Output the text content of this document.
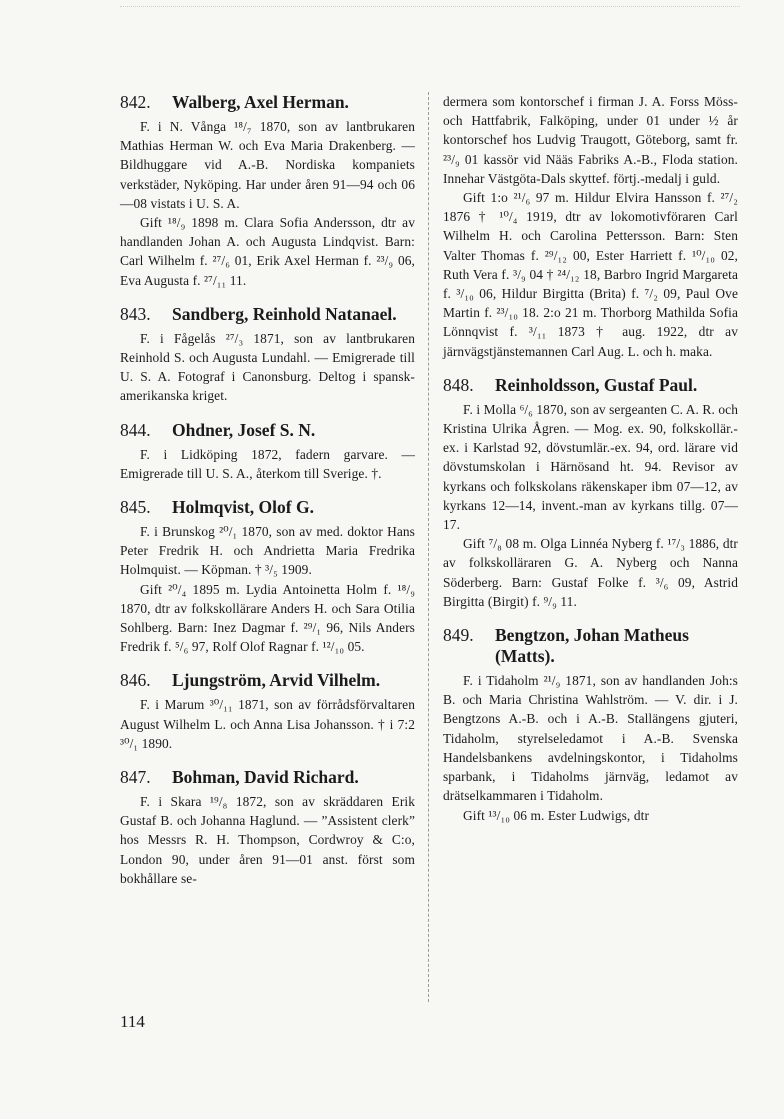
842.	Walberg, Axel Herman.

F. i N. Vånga ¹⁸/₇ 1870, son av lantbrukaren Mathias Herman W. och Eva Maria Drakenberg. — Bildhuggare vid A.-B. Nordiska kompaniets verkstäder, Nyköping. Har under åren 91—94 och 06—08 vistats i U. S. A.

Gift ¹⁸/₉ 1898 m. Clara Sofia Andersson, dtr av handlanden Johan A. och Augusta Lindqvist. Barn: Carl Wilhelm f. ²⁷/₆ 01, Erik Axel Herman f. ²³/₉ 06, Eva Augusta f. ²⁷/₁₁ 11.

843.	Sandberg, Reinhold Natanael.

F. i Fågelås ²⁷/₃ 1871, son av lantbrukaren Reinhold S. och Augusta Lundahl. — Emigrerade till U. S. A. Fotograf i Canonsburg. Deltog i spansk-amerikanska kriget.

844.	Ohdner, Josef S. N.

F. i Lidköping 1872, fadern garvare. — Emigrerade till U. S. A., återkom till Sverige. †.

845.	Holmqvist, Olof G.

F. i Brunskog ²⁰/₁ 1870, son av med. doktor Hans Peter Fredrik H. och Andrietta Maria Fredrika Holmquist. — Köpman. † ³/₅ 1909.

Gift ²⁰/₄ 1895 m. Lydia Antoinetta Holm f. ¹⁸/₉ 1870, dtr av folkskollärare Anders H. och Sara Otilia Sohlberg. Barn: Inez Dagmar f. ²⁹/₁ 96, Nils Anders Fredrik f. ⁵/₆ 97, Rolf Olof Ragnar f. ¹²/₁₀ 05.

846.	Ljungström, Arvid Vilhelm.

F. i Marum ³⁰/₁₁ 1871, son av förrådsförvaltaren August Wilhelm L. och Anna Lisa Johansson. † i 7:2 ³⁰/₁ 1890.

847.	Bohman, David Richard.

F. i Skara ¹⁹/₈ 1872, son av skräddaren Erik Gustaf B. och Johanna Haglund. — ”Assistent clerk” hos Messrs R. H. Thompson, Cordwroy & C:o, London 90, under åren 91—01 anst. först som bokhållare se-

dermera som kontorschef i firman J. A. Forss Möss- och Hattfabrik, Falköping, under 01 under ½ år kontorschef hos Ludvig Traugott, Göteborg, samt fr. ²³/₉ 01 kassör vid Nääs Fabriks A.-B., Floda station. Innehar Västgöta-Dals skyttef. förtj.-medalj i guld.

Gift 1:o ²¹/₆ 97 m. Hildur Elvira Hansson f. ²⁷/₂ 1876 † ¹⁰/₄ 1919, dtr av lokomotivföraren Carl Wilhelm H. och Carolina Pettersson. Barn: Sten Valter Thomas f. ²⁹/₁₂ 00, Ester Harriett f. ¹⁰/₁₀ 02, Ruth Vera f. ³/₉ 04 † ²⁴/₁₂ 18, Barbro Ingrid Margareta f. ³/₁₀ 06, Hildur Birgitta (Brita) f. ⁷/₂ 09, Paul Ove Martin f. ²³/₁₀ 18. 2:o 21 m. Thorborg Mathilda Sofia Lönnqvist f. ³/₁₁ 1873 † aug. 1922, dtr av järnvägstjänstemannen Carl Aug. L. och h. maka.

848.	Reinholdsson, Gustaf Paul.

F. i Molla ⁶/₆ 1870, son av sergeanten C. A. R. och Kristina Ulrika Ågren. — Mog. ex. 90, folkskollär.-ex. i Karlstad 92, dövstumlär.-ex. 94, ord. lärare vid dövstumskolan i Härnösand ht. 94. Revisor av kyrkans och folkskolans räkenskaper ibm 07—12, av kyrkans 12—14, invent.-man av kyrkans tillg. 07—17.

Gift ⁷/₈ 08 m. Olga Linnéa Nyberg f. ¹⁷/₃ 1886, dtr av folkskolläraren G. A. Nyberg och Nanna Söderberg. Barn: Gustaf Folke f. ³/₆ 09, Astrid Birgitta (Birgit) f. ⁹/₉ 11.

849.	Bengtzon, Johan Matheus (Matts).

F. i Tidaholm ²¹/₉ 1871, son av handlanden Joh:s B. och Maria Christina Wahlström. — V. dir. i J. Bengtzons A.-B. och i A.-B. Stallängens gjuteri, Tidaholm, styrelseledamot i A.-B. Svenska Handelsbankens avdelningskontor, i Tidaholms sparbank, i Tidaholms järnväg, ledamot av drätselkammaren i Tidaholm.

Gift ¹³/₁₀ 06 m. Ester Ludwigs, dtr

114
